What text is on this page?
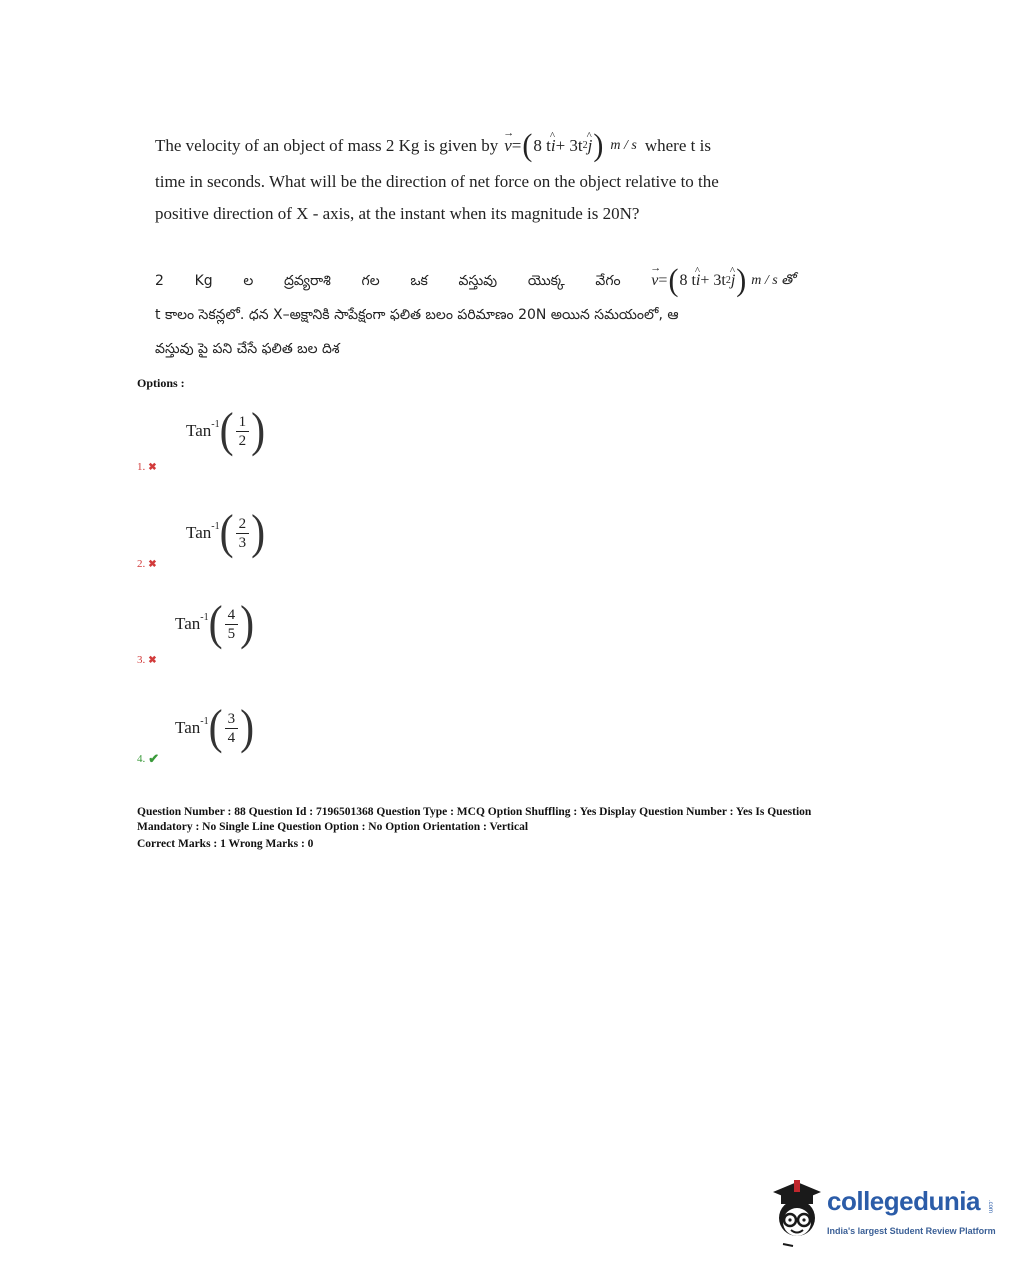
The velocity of an object of mass 2 Kg is given by → v = ( 8 t ^ i + 3t 2 ^ j ) m / s where t is
time in seconds. What will be the direction of net force on the object relative to the
positive direction of X - axis, at the instant when its magnitude is 20N?
2 Kg ల ద్రవ్యరాశి గల ఒక వస్తువు యొక్క వేగం → v = ( 8 t ^ i + 3t 2 ^ j ) m / s తో
t కాలం సెకన్లలో. ధన X–అక్షానికి సాపేక్షంగా ఫలిత బలం పరిమాణం 20N అయిన సమయంలో, ఆ
వస్తువు పై పని చేసే ఫలిత బల దిశ
Options :
Tan$^{-1}$ ( $\frac{1}{2}$ )
1. ✖
Tan$^{-1}$ ( $\frac{2}{3}$ )
2. ✖
Tan$^{-1}$ ( $\frac{4}{5}$ )
3. ✖
Tan$^{-1}$ ( $\frac{3}{4}$ )
4. ✔

Question Number : 88 Question Id : 7196501368 Question Type : MCQ Option Shuffling : Yes Display Question Number : Yes Is Question

Mandatory : No Single Line Question Option : No Option Orientation : Vertical

Correct Marks : 1 Wrong Marks : 0

collegedunia .com
India's largest Student Review Platform
